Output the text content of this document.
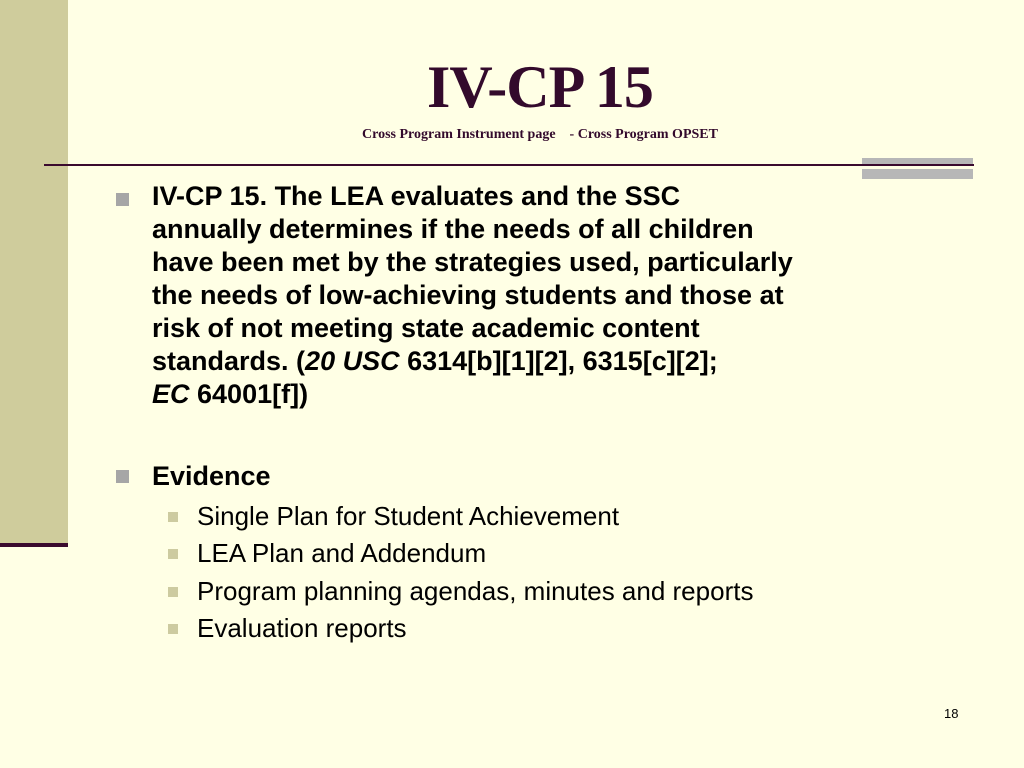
IV-CP 15
Cross Program Instrument page    - Cross Program OPSET
IV-CP 15. The LEA evaluates and the SSC
annually determines if the needs of all children
have been met by the strategies used, particularly
the needs of low-achieving students and those at
risk of not meeting state academic content
standards. (20 USC 6314[b][1][2], 6315[c][2];
EC 64001[f])
Evidence
Single Plan for Student Achievement
LEA Plan and Addendum
Program planning agendas, minutes and reports
Evaluation reports
18
